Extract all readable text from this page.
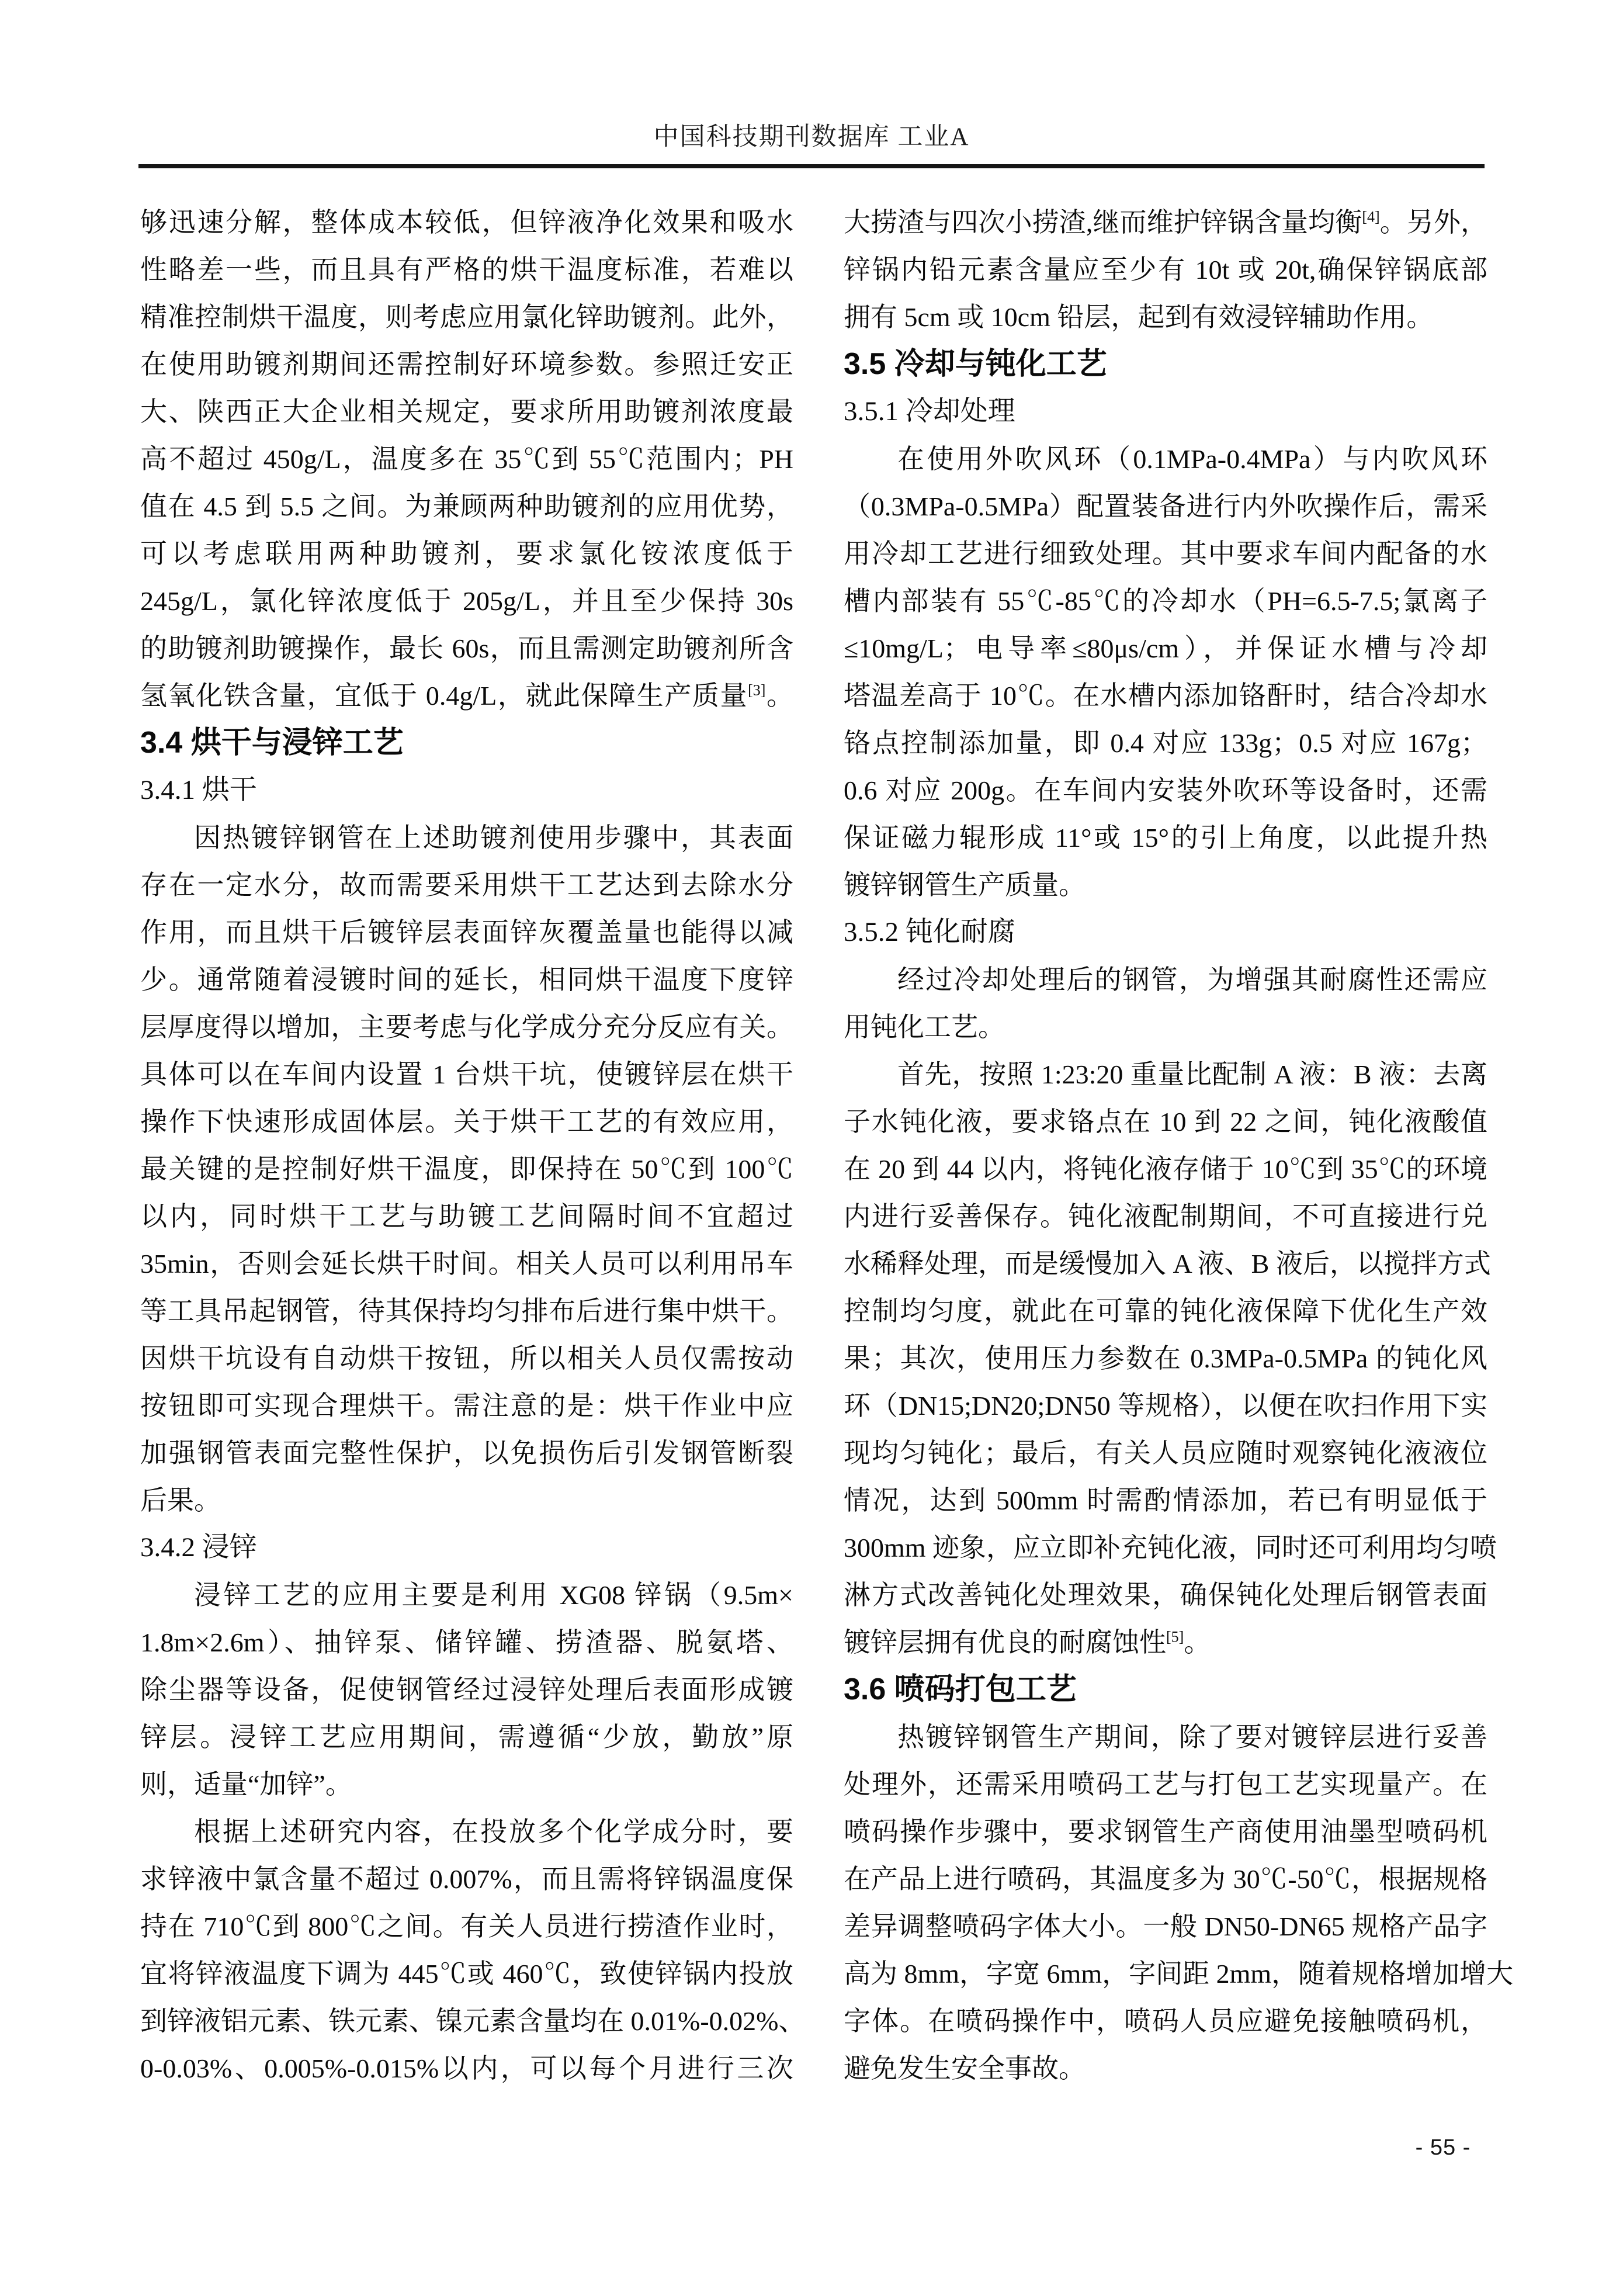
中国科技期刊数据库 工业A
够迅速分解，整体成本较低，但锌液净化效果和吸水
性略差一些，而且具有严格的烘干温度标准，若难以
精准控制烘干温度，则考虑应用氯化锌助镀剂。此外，
在使用助镀剂期间还需控制好环境参数。参照迁安正
大、陕西正大企业相关规定，要求所用助镀剂浓度最
高不超过 450g/L，温度多在 35℃到 55℃范围内；PH
值在 4.5 到 5.5 之间。为兼顾两种助镀剂的应用优势，
可以考虑联用两种助镀剂，要求氯化铵浓度低于
245g/L，氯化锌浓度低于 205g/L，并且至少保持 30s
的助镀剂助镀操作，最长 60s，而且需测定助镀剂所含
氢氧化铁含量，宜低于 0.4g/L，就此保障生产质量[3]。
3.4 烘干与浸锌工艺
3.4.1 烘干
因热镀锌钢管在上述助镀剂使用步骤中，其表面
存在一定水分，故而需要采用烘干工艺达到去除水分
作用，而且烘干后镀锌层表面锌灰覆盖量也能得以减
少。通常随着浸镀时间的延长，相同烘干温度下度锌
层厚度得以增加，主要考虑与化学成分充分反应有关。
具体可以在车间内设置 1 台烘干坑，使镀锌层在烘干
操作下快速形成固体层。关于烘干工艺的有效应用，
最关键的是控制好烘干温度，即保持在 50℃到 100℃
以内，同时烘干工艺与助镀工艺间隔时间不宜超过
35min，否则会延长烘干时间。相关人员可以利用吊车
等工具吊起钢管，待其保持均匀排布后进行集中烘干。
因烘干坑设有自动烘干按钮，所以相关人员仅需按动
按钮即可实现合理烘干。需注意的是：烘干作业中应
加强钢管表面完整性保护，以免损伤后引发钢管断裂
后果。
3.4.2 浸锌
浸锌工艺的应用主要是利用 XG08 锌锅（9.5m×
1.8m×2.6m）、抽锌泵、储锌罐、捞渣器、脱氨塔、
除尘器等设备，促使钢管经过浸锌处理后表面形成镀
锌层。浸锌工艺应用期间，需遵循“少放，勤放”原
则，适量“加锌”。
根据上述研究内容，在投放多个化学成分时，要
求锌液中氯含量不超过 0.007%，而且需将锌锅温度保
持在 710℃到 800℃之间。有关人员进行捞渣作业时，
宜将锌液温度下调为 445℃或 460℃，致使锌锅内投放
到锌液铝元素、铁元素、镍元素含量均在 0.01%-0.02%、
0-0.03%、0.005%-0.015%以内，可以每个月进行三次
大捞渣与四次小捞渣,继而维护锌锅含量均衡[4]。另外，
锌锅内铅元素含量应至少有 10t 或 20t,确保锌锅底部
拥有 5cm 或 10cm 铅层，起到有效浸锌辅助作用。
3.5 冷却与钝化工艺
3.5.1 冷却处理
在使用外吹风环（0.1MPa-0.4MPa）与内吹风环
（0.3MPa-0.5MPa）配置装备进行内外吹操作后，需采
用冷却工艺进行细致处理。其中要求车间内配备的水
槽内部装有 55℃-85℃的冷却水（PH=6.5-7.5;氯离子
≤10mg/L；电导率≤80μs/cm），并保证水槽与冷却
塔温差高于 10℃。在水槽内添加铬酐时，结合冷却水
铬点控制添加量，即 0.4 对应 133g；0.5 对应 167g；
0.6 对应 200g。在车间内安装外吹环等设备时，还需
保证磁力辊形成 11°或 15°的引上角度，以此提升热
镀锌钢管生产质量。
3.5.2 钝化耐腐
经过冷却处理后的钢管，为增强其耐腐性还需应
用钝化工艺。
首先，按照 1:23:20 重量比配制 A 液：B 液：去离
子水钝化液，要求铬点在 10 到 22 之间，钝化液酸值
在 20 到 44 以内，将钝化液存储于 10℃到 35℃的环境
内进行妥善保存。钝化液配制期间，不可直接进行兑
水稀释处理，而是缓慢加入 A 液、B 液后，以搅拌方式
控制均匀度，就此在可靠的钝化液保障下优化生产效
果；其次，使用压力参数在 0.3MPa-0.5MPa 的钝化风
环（DN15;DN20;DN50 等规格），以便在吹扫作用下实
现均匀钝化；最后，有关人员应随时观察钝化液液位
情况，达到 500mm 时需酌情添加，若已有明显低于
300mm 迹象，应立即补充钝化液，同时还可利用均匀喷
淋方式改善钝化处理效果，确保钝化处理后钢管表面
镀锌层拥有优良的耐腐蚀性[5]。
3.6 喷码打包工艺
热镀锌钢管生产期间，除了要对镀锌层进行妥善
处理外，还需采用喷码工艺与打包工艺实现量产。在
喷码操作步骤中，要求钢管生产商使用油墨型喷码机
在产品上进行喷码，其温度多为 30℃-50℃，根据规格
差异调整喷码字体大小。一般 DN50-DN65 规格产品字
高为 8mm，字宽 6mm，字间距 2mm，随着规格增加增大
字体。在喷码操作中，喷码人员应避免接触喷码机，
避免发生安全事故。
- 55 -
